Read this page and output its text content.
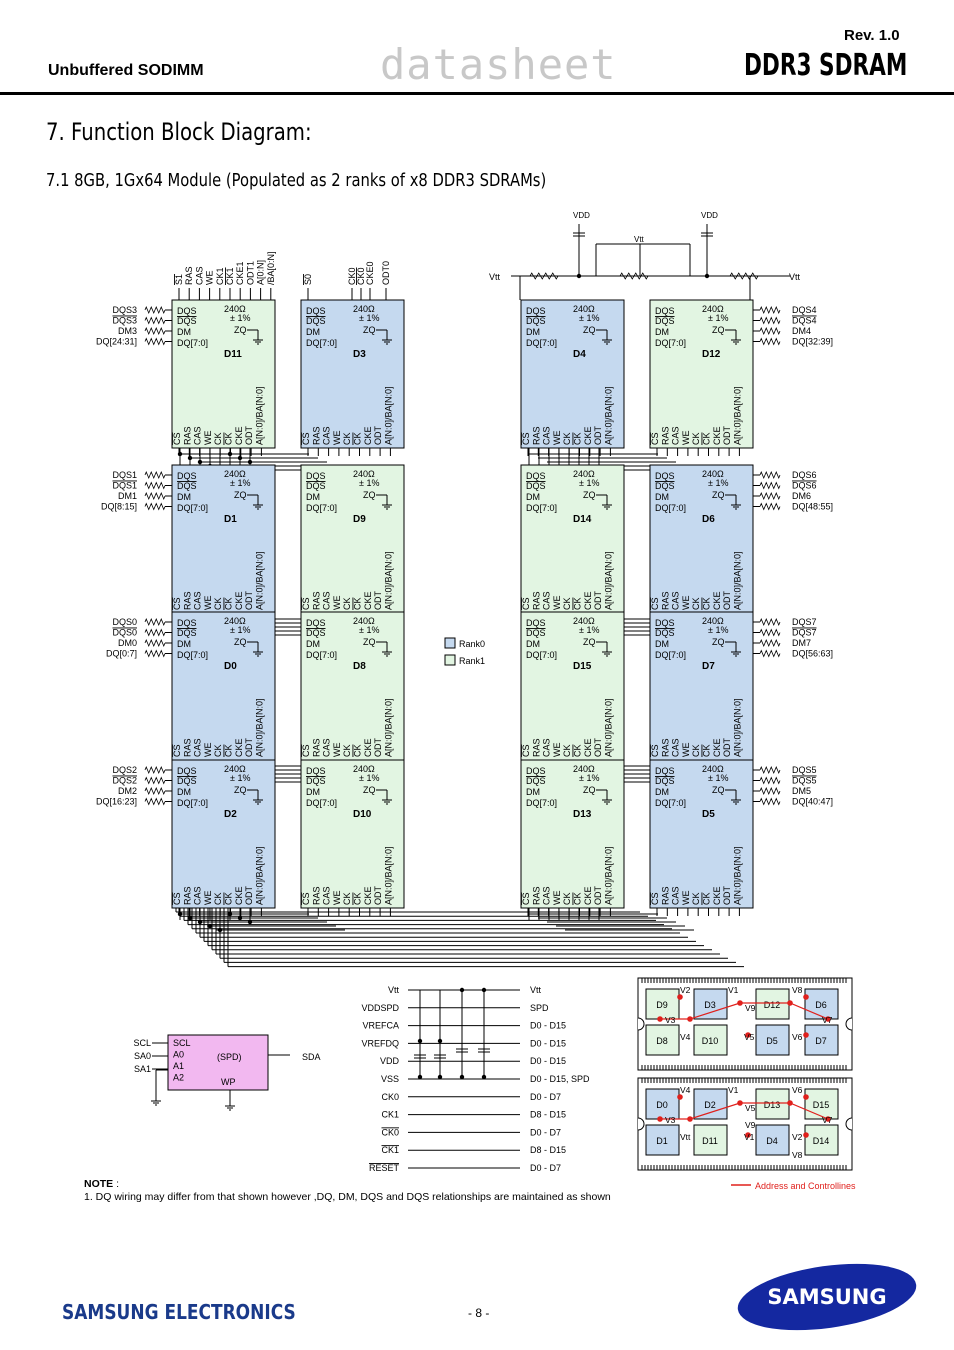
Rev. 1.0
Unbuffered SODIMM	datasheet	DDR3 SDRAM
7. Function Block Diagram:
7.1 8GB, 1Gx64 Module (Populated as 2 ranks of x8 DDR3 SDRAMs)
DQS
DQS
DM
DQ[7:0]
240Ω
± 1%
ZQ
D11
CS RAS CAS WE CK CK CKE ODT A[N:0]/BA[N:0]
DQS
DQS
DM
DQ[7:0]
240Ω
± 1%
ZQ
D3
CS RAS CAS WE CK CK CKE ODT A[N:0]/BA[N:0]
DQS
DQS
DM
DQ[7:0]
240Ω
± 1%
ZQ
D4
CS RAS CAS WE CK CK CKE ODT A[N:0]/BA[N:0]
DQS
DQS
DM
DQ[7:0]
240Ω
± 1%
ZQ
D12
CS RAS CAS WE CK CK CKE ODT A[N:0]/BA[N:0]
DQS
DQS
DM
DQ[7:0]
240Ω
± 1%
ZQ
D1
CS RAS CAS WE CK CK CKE ODT A[N:0]/BA[N:0]
DQS
DQS
DM
DQ[7:0]
240Ω
± 1%
ZQ
D9
CS RAS CAS WE CK CK CKE ODT A[N:0]/BA[N:0]
DQS
DQS
DM
DQ[7:0]
240Ω
± 1%
ZQ
D14
CS RAS CAS WE CK CK CKE ODT A[N:0]/BA[N:0]
DQS
DQS
DM
DQ[7:0]
240Ω
± 1%
ZQ
D6
CS RAS CAS WE CK CK CKE ODT A[N:0]/BA[N:0]
DQS
DQS
DM
DQ[7:0]
240Ω
± 1%
ZQ
D0
CS RAS CAS WE CK CK CKE ODT A[N:0]/BA[N:0]
DQS
DQS
DM
DQ[7:0]
240Ω
± 1%
ZQ
D8
CS RAS CAS WE CK CK CKE ODT A[N:0]/BA[N:0]
DQS
DQS
DM
DQ[7:0]
240Ω
± 1%
ZQ
D15
CS RAS CAS WE CK CK CKE ODT A[N:0]/BA[N:0]
DQS
DQS
DM
DQ[7:0]
240Ω
± 1%
ZQ
D7
CS RAS CAS WE CK CK CKE ODT A[N:0]/BA[N:0]
DQS
DQS
DM
DQ[7:0]
240Ω
± 1%
ZQ
D2
CS RAS CAS WE CK CK CKE ODT A[N:0]/BA[N:0]
DQS
DQS
DM
DQ[7:0]
240Ω
± 1%
ZQ
D10
CS RAS CAS WE CK CK CKE ODT A[N:0]/BA[N:0]
DQS
DQS
DM
DQ[7:0]
240Ω
± 1%
ZQ
D13
CS RAS CAS WE CK CK CKE ODT A[N:0]/BA[N:0]
DQS
DQS
DM
DQ[7:0]
240Ω
± 1%
ZQ
D5
CS RAS CAS WE CK CK CKE ODT A[N:0]/BA[N:0]
DQS3
DQS3
DM3
DQ[24:31]
DQS1
DQS1
DM1
DQ[8:15]
DQS0
DQS0
DM0
DQ[0:7]
DQS2
DQS2
DM2
DQ[16:23]
DQS4
DQS4
DM4
DQ[32:39]
DQS6
DQS6
DM6
DQ[48:55]
DQS7
DQS7
DM7
DQ[56:63]
DQS5
DQS5
DM5
DQ[40:47]
S1 RAS CAS WE CK1 CK1 CKE1 ODT1 A[0:N] /BA[0:N]	S0	CK0 CK0 CKE0 ODT0	Vtt	Vtt
Vtt
VDD	VDD
Rank0
Rank1
SCL
SA0
SA1
SCL
A0
A1
A2
(SPD)
WP
SDA
Vtt	Vtt
VDDSPD	SPD
VREFCA	D0 - D15
VREFDQ	D0 - D15
VDD	D0 - D15
VSS	D0 - D15, SPD
CK0	D0 - D7
CK1	D8 - D15
CK0	D0 - D7
CK1	D8 - D15
RESET	D0 - D7
D9	D3	D12	D6
D8	D10	D5	D7
V2	V1	V8
V9
V3	V7
V4	V5	V6
D0	D2	D13	D15
D1	D11	D4	D14
V4	V1	V6
V5
V3	V7
Vtt	V1	V2
V9
V8
Address and Controllines
NOTE :
1. DQ wiring may differ from that shown however ,DQ, DM, DQS and DQS relationships are maintained as shown
SAMSUNG ELECTRONICS	- 8 -
SAMSUNG
